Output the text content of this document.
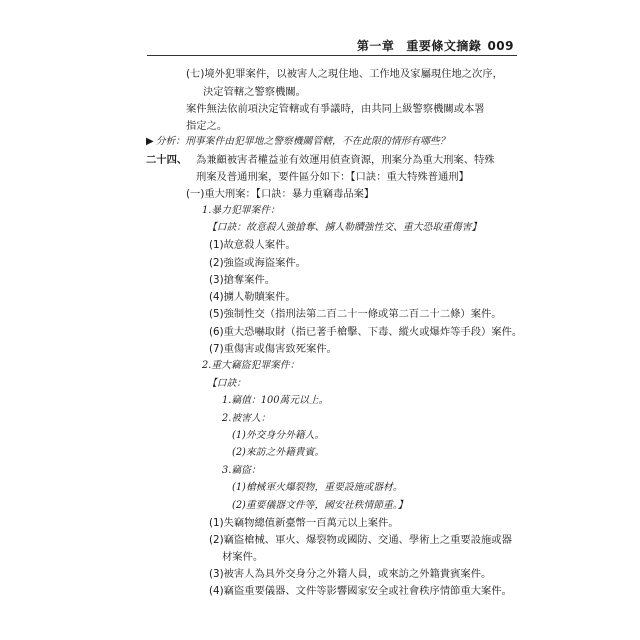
第一章 重要條文摘錄 009
(七)境外犯罪案件，以被害人之現住地、工作地及家屬現住地之次序，
決定管轄之警察機關。
案件無法依前項決定管轄或有爭議時，由共同上級警察機關或本署
指定之。
▶ 分析：刑事案件由犯罪地之警察機關管轄，不在此限的情形有哪些？
二十四、 為兼顧被害者權益並有效運用偵查資源，刑案分為重大刑案、特殊
刑案及普通刑案，要件區分如下：【口訣：重大特殊普通刑】
(一)重大刑案：【口訣：暴力重竊毒品案】
1.暴力犯罪案件：
【口訣：故意殺人強搶奪、擄人勒贖強性交、重大恐取重傷害】
(1)故意殺人案件。
(2)強盜或海盜案件。
(3)搶奪案件。
(4)擄人勒贖案件。
(5)強制性交（指刑法第二百二十一條或第二百二十二條）案件。
(6)重大恐嚇取財（指已著手槍擊、下毒、縱火或爆炸等手段）案件。
(7)重傷害或傷害致死案件。
2.重大竊盜犯罪案件：
【口訣：
1.竊值：100萬元以上。
2.被害人：
(1)外交身分外籍人。
(2)來訪之外籍貴賓。
3.竊盜：
(1)槍械軍火爆裂物，重要設施或器材。
(2)重要儀器文件等，國安社秩情節重。】
(1)失竊物總值新臺幣一百萬元以上案件。
(2)竊盜槍械、軍火、爆裂物或國防、交通、學術上之重要設施或器
材案件。
(3)被害人為具外交身分之外籍人員，或來訪之外籍貴賓案件。
(4)竊盜重要儀器、文件等影響國家安全或社會秩序情節重大案件。
